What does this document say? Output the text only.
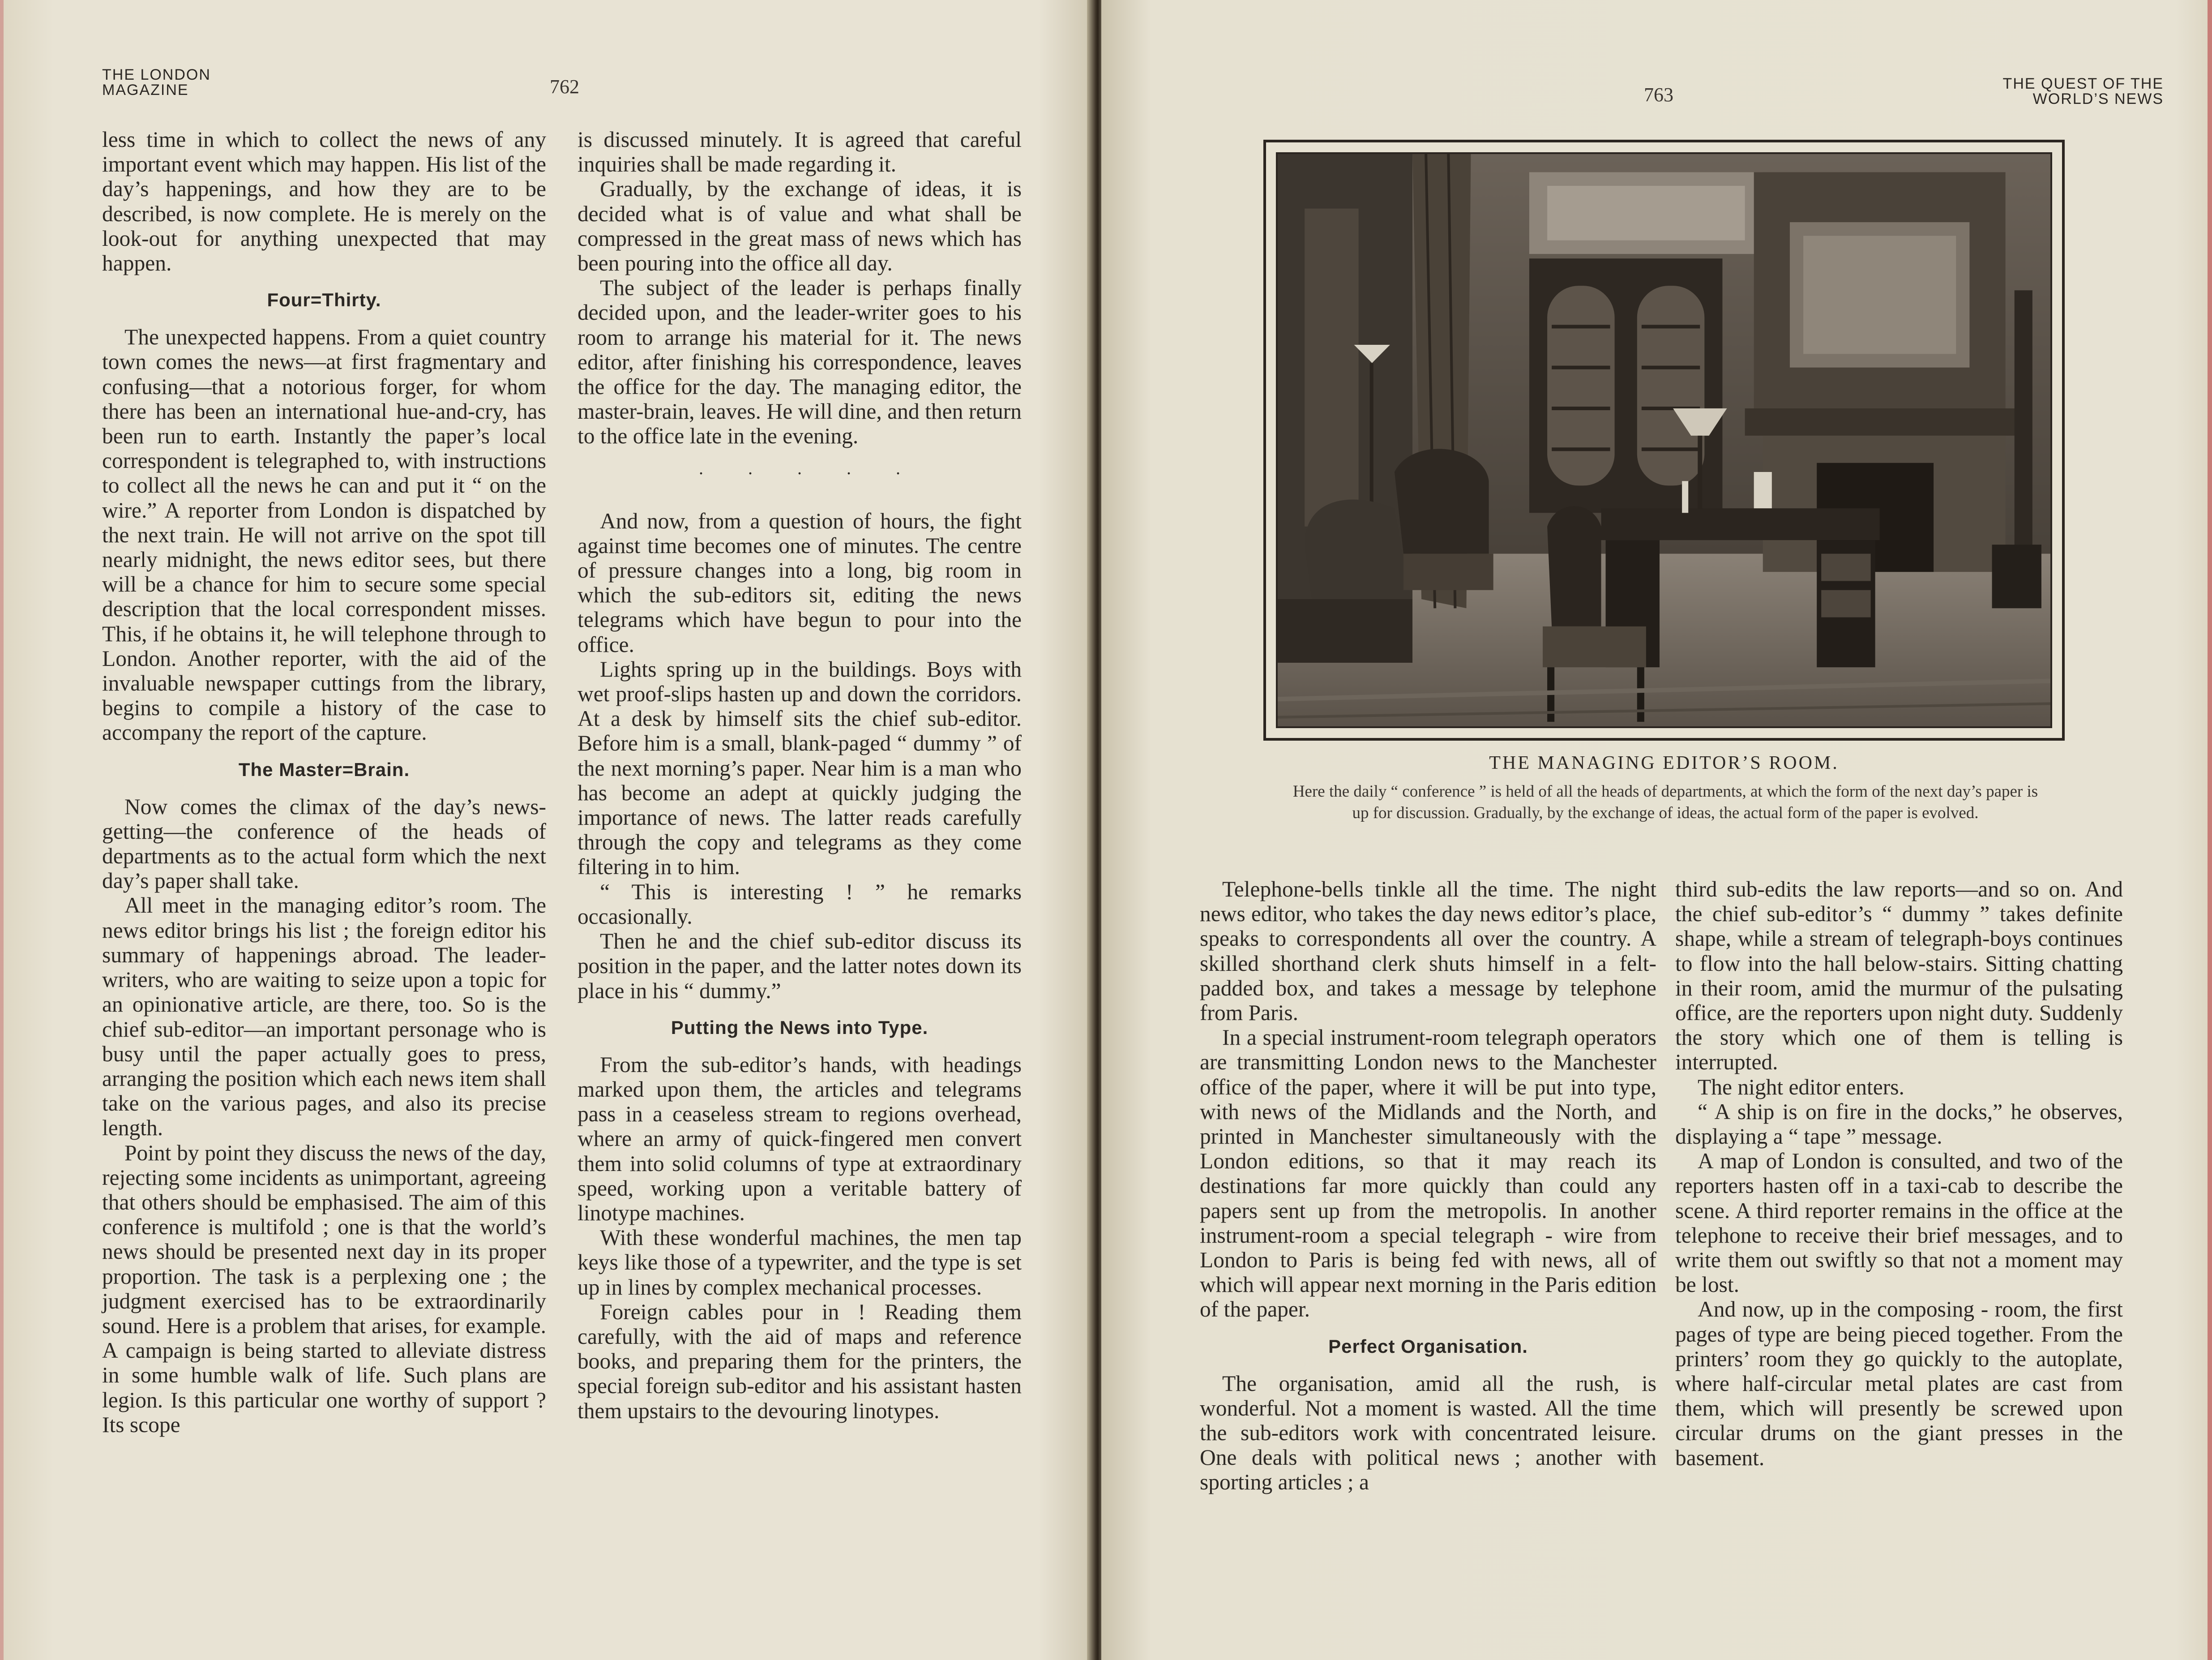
THE LONDON
MAGAZINE	762

less time in which to collect the news of any important event which may happen. His list of the day’s happenings, and how they are to be described, is now complete. He is merely on the look-out for anything unexpected that may happen.

Four=Thirty.

The unexpected happens. From a quiet country town comes the news—at first fragmentary and confusing—that a notorious forger, for whom there has been an international hue-and-cry, has been run to earth. Instantly the paper’s local correspondent is telegraphed to, with instructions to collect all the news he can and put it “ on the wire.” A reporter from London is dispatched by the next train. He will not arrive on the spot till nearly midnight, the news editor sees, but there will be a chance for him to secure some special description that the local correspondent misses. This, if he obtains it, he will telephone through to London. Another reporter, with the aid of the invaluable newspaper cuttings from the library, begins to compile a history of the case to accompany the report of the capture.

The Master=Brain.

Now comes the climax of the day’s news-getting—the conference of the heads of departments as to the actual form which the next day’s paper shall take.

All meet in the managing editor’s room. The news editor brings his list ; the foreign editor his summary of happenings abroad. The leader-writers, who are waiting to seize upon a topic for an opinionative article, are there, too. So is the chief sub-editor—an important personage who is busy until the paper actually goes to press, arranging the position which each news item shall take on the various pages, and also its precise length.

Point by point they discuss the news of the day, rejecting some incidents as unimportant, agreeing that others should be emphasised. The aim of this conference is multifold ; one is that the world’s news should be presented next day in its proper proportion. The task is a perplexing one ; the judgment exercised has to be extraordinarily sound. Here is a problem that arises, for example. A campaign is being started to alleviate distress in some humble walk of life. Such plans are legion. Is this particular one worthy of support ? Its scope

is discussed minutely. It is agreed that careful inquiries shall be made regarding it.

Gradually, by the exchange of ideas, it is decided what is of value and what shall be compressed in the great mass of news which has been pouring into the office all day.

The subject of the leader is perhaps finally decided upon, and the leader-writer goes to his room to arrange his material for it. The news editor, after finishing his correspondence, leaves the office for the day. The managing editor, the master-brain, leaves. He will dine, and then return to the office late in the evening.

.....

And now, from a question of hours, the fight against time becomes one of minutes. The centre of pressure changes into a long, big room in which the sub-editors sit, editing the news telegrams which have begun to pour into the office.

Lights spring up in the buildings. Boys with wet proof-slips hasten up and down the corridors. At a desk by himself sits the chief sub-editor. Before him is a small, blank-paged “ dummy ” of the next morning’s paper. Near him is a man who has become an adept at quickly judging the importance of news. The latter reads carefully through the copy and telegrams as they come filtering in to him.

“ This is interesting ! ” he remarks occasionally.

Then he and the chief sub-editor discuss its position in the paper, and the latter notes down its place in his “ dummy.”

Putting the News into Type.

From the sub-editor’s hands, with headings marked upon them, the articles and telegrams pass in a ceaseless stream to regions overhead, where an army of quick-fingered men convert them into solid columns of type at extraordinary speed, working upon a veritable battery of linotype machines.

With these wonderful machines, the men tap keys like those of a typewriter, and the type is set up in lines by complex mechanical processes.

Foreign cables pour in ! Reading them carefully, with the aid of maps and reference books, and preparing them for the printers, the special foreign sub-editor and his assistant hasten them upstairs to the devouring linotypes.

763	THE QUEST OF THE
WORLD’S NEWS

Telephone-bells tinkle all the time. The night news editor, who takes the day news editor’s place, speaks to correspondents all over the country. A skilled shorthand clerk shuts himself in a felt-padded box, and takes a message by telephone from Paris.

In a special instrument-room telegraph operators are transmitting London news to the Manchester office of the paper, where it will be put into type, with news of the Midlands and the North, and printed in Manchester simultaneously with the London editions, so that it may reach its destinations far more quickly than could any papers sent up from the metropolis. In another instrument-room a special telegraph - wire from London to Paris is being fed with news, all of which will appear next morning in the Paris edition of the paper.

Perfect Organisation.

The organisation, amid all the rush, is wonderful. Not a moment is wasted. All the time the sub-editors work with concentrated leisure. One deals with political news ; another with sporting articles ; a

third sub-edits the law reports—and so on. And the chief sub-editor’s “ dummy ” takes definite shape, while a stream of telegraph-boys continues to flow into the hall below-stairs. Sitting chatting in their room, amid the murmur of the pulsating office, are the reporters upon night duty. Suddenly the story which one of them is telling is interrupted.

The night editor enters.

“ A ship is on fire in the docks,” he observes, displaying a “ tape ” message.

A map of London is consulted, and two of the reporters hasten off in a taxi-cab to describe the scene. A third reporter remains in the office at the telephone to receive their brief messages, and to write them out swiftly so that not a moment may be lost.

And now, up in the composing - room, the first pages of type are being pieced together. From the printers’ room they go quickly to the autoplate, where half-circular metal plates are cast from them, which will presently be screwed upon circular drums on the giant presses in the basement.

THE MANAGING EDITOR’S ROOM.
Here the daily “ conference ” is held of all the heads of departments, at which the form of the next day’s paper is up for discussion. Gradually, by the exchange of ideas, the actual form of the paper is evolved.
